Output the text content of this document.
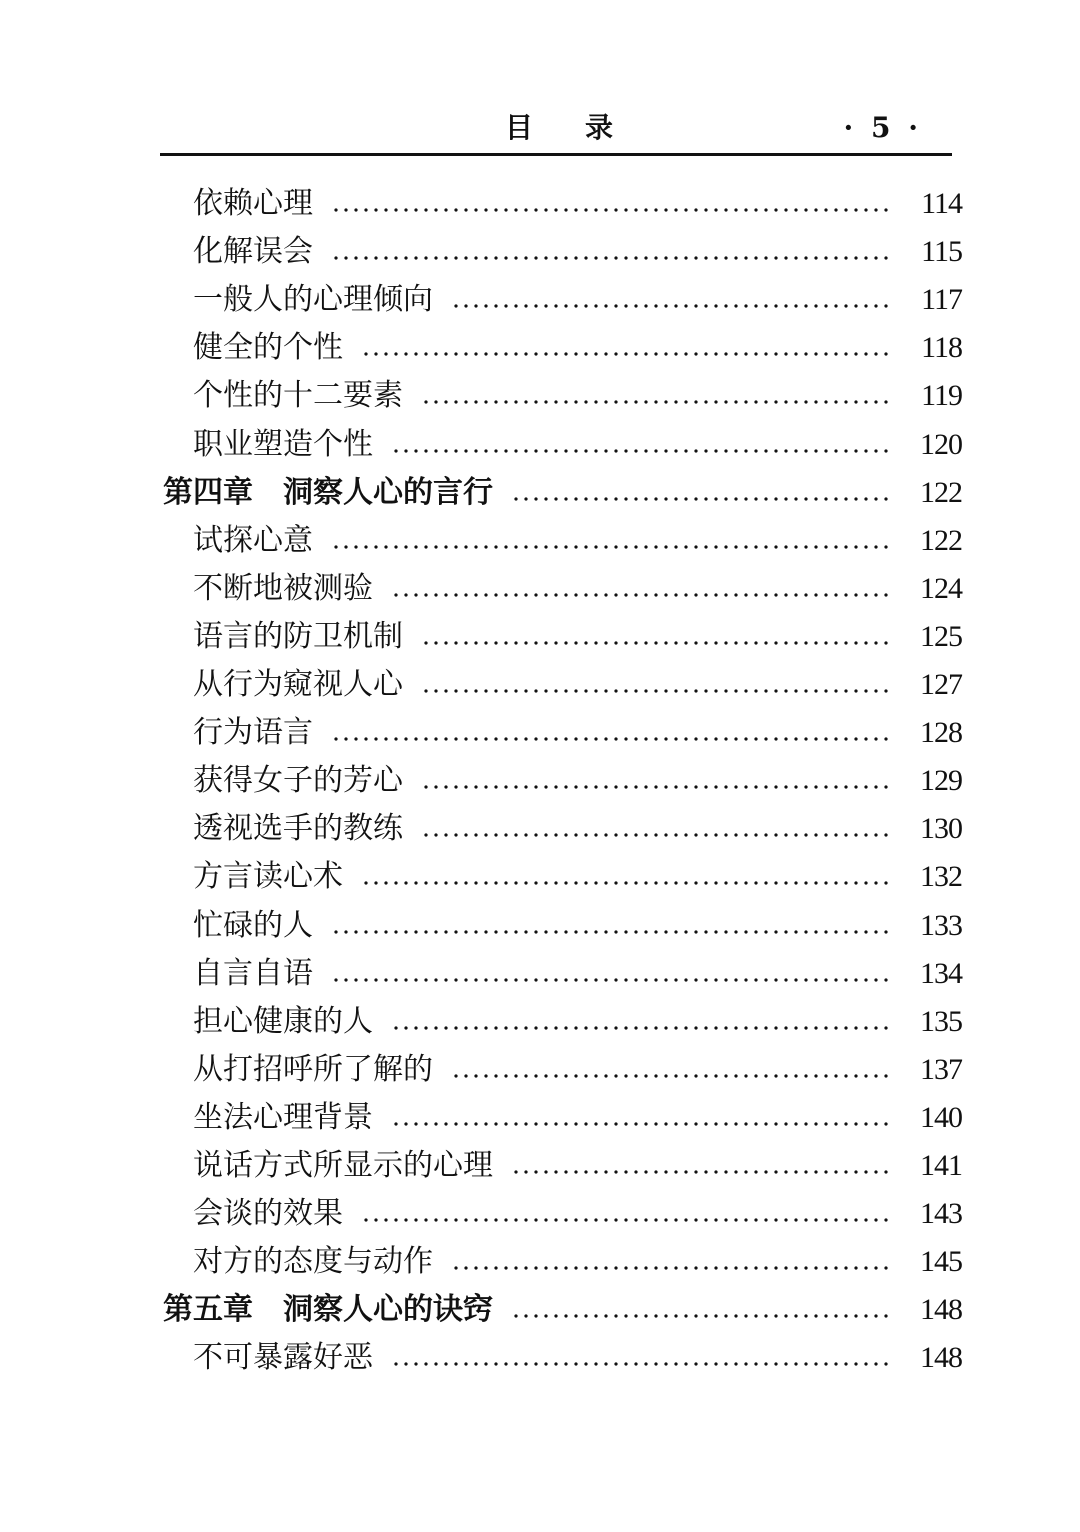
目录	· 5 ·
依赖心理	114
化解误会	115
一般人的心理倾向	117
健全的个性	118
个性的十二要素	119
职业塑造个性	120
第四章　洞察人心的言行	122
试探心意	122
不断地被测验	124
语言的防卫机制	125
从行为窥视人心	127
行为语言	128
获得女子的芳心	129
透视选手的教练	130
方言读心术	132
忙碌的人	133
自言自语	134
担心健康的人	135
从打招呼所了解的	137
坐法心理背景	140
说话方式所显示的心理	141
会谈的效果	143
对方的态度与动作	145
第五章　洞察人心的诀窍	148
不可暴露好恶	148
